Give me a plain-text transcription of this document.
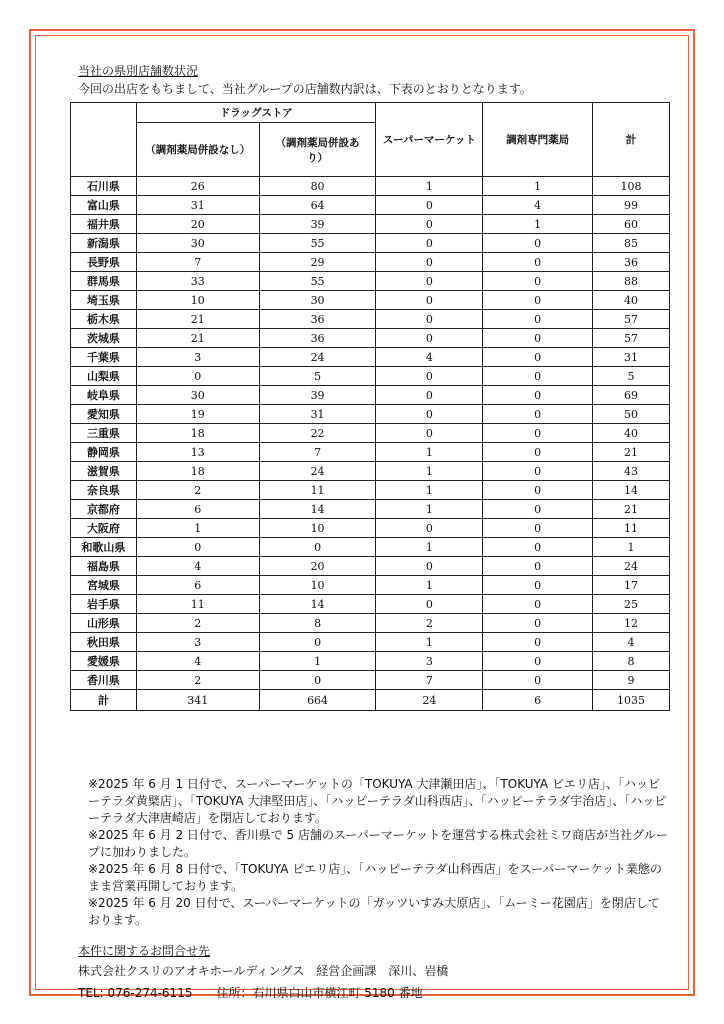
当社の県別店舗数状況
今回の出店をもちまして、当社グループの店舗数内訳は、下表のとおりとなります。
	ドラッグストア		スーパーマーケット	調剤専門薬局	計
	（調剤薬局併設なし）	（調剤薬局併設あり）			
石川県	26	80	1	1	108
富山県	31	64	0	4	99
福井県	20	39	0	1	60
新潟県	30	55	0	0	85
長野県	7	29	0	0	36
群馬県	33	55	0	0	88
埼玉県	10	30	0	0	40
栃木県	21	36	0	0	57
茨城県	21	36	0	0	57
千葉県	3	24	4	0	31
山梨県	0	5	0	0	5
岐阜県	30	39	0	0	69
愛知県	19	31	0	0	50
三重県	18	22	0	0	40
静岡県	13	7	1	0	21
滋賀県	18	24	1	0	43
奈良県	2	11	1	0	14
京都府	6	14	1	0	21
大阪府	1	10	0	0	11
和歌山県	0	0	1	0	1
福島県	4	20	0	0	24
宮城県	6	10	1	0	17
岩手県	11	14	0	0	25
山形県	2	8	2	0	12
秋田県	3	0	1	0	4
愛媛県	4	1	3	0	8
香川県	2	0	7	0	9
計	341	664	24	6	1035
※2025 年 6 月 1 日付で、スーパーマーケットの「TOKUYA 大津瀬田店」、「TOKUYA ピエリ店」、「ハッピーテラダ黄檗店」、「TOKUYA 大津堅田店」、「ハッピーテラダ山科西店」、「ハッピーテラダ宇治店」、「ハッピーテラダ大津唐崎店」を閉店しております。
※2025 年 6 月 2 日付で、香川県で 5 店舗のスーパーマーケットを運営する株式会社ミワ商店が当社グループに加わりました。
※2025 年 6 月 8 日付で、「TOKUYA ピエリ店」、「ハッピーテラダ山科西店」をスーパーマーケット業態のまま営業再開しております。
※2025 年 6 月 20 日付で、スーパーマーケットの「ガッツいすみ大原店」、「ムーミー花園店」を閉店しております。
本件に関するお問合せ先
株式会社クスリのアオキホールディングス　経営企画課　深川、岩橋
TEL: 076-274-6115　　住所：石川県白山市横江町 5180 番地
